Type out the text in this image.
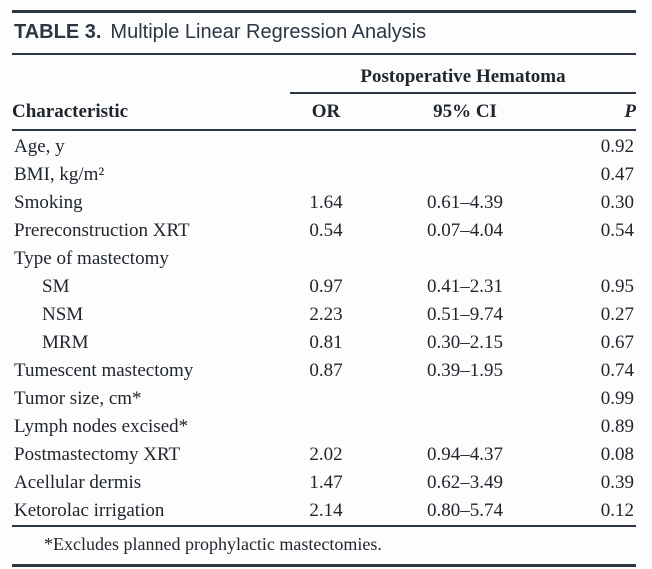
TABLE 3. Multiple Linear Regression Analysis
	Postoperative Hematoma		
Characteristic	OR	95% CI	P
Age, y			0.92
BMI, kg/m²			0.47
Smoking	1.64	0.61–4.39	0.30
Prereconstruction XRT	0.54	0.07–4.04	0.54
Type of mastectomy			
SM	0.97	0.41–2.31	0.95
NSM	2.23	0.51–9.74	0.27
MRM	0.81	0.30–2.15	0.67
Tumescent mastectomy	0.87	0.39–1.95	0.74
Tumor size, cm*			0.99
Lymph nodes excised*			0.89
Postmastectomy XRT	2.02	0.94–4.37	0.08
Acellular dermis	1.47	0.62–3.49	0.39
Ketorolac irrigation	2.14	0.80–5.74	0.12
*Excludes planned prophylactic mastectomies.
